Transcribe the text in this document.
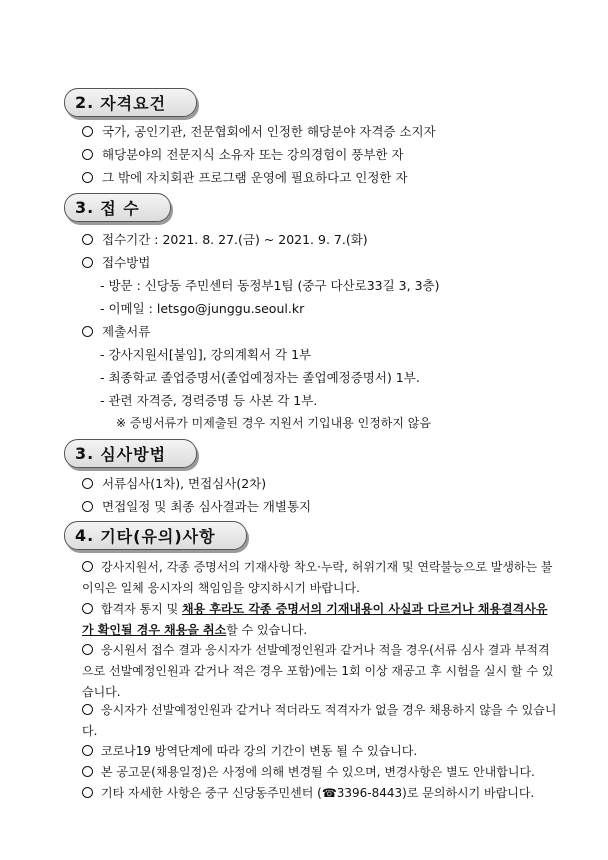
2. 자격요건
국가, 공인기관, 전문협회에서 인정한 해당분야 자격증 소지자
해당분야의 전문지식 소유자 또는 강의경험이 풍부한 자
그 밖에 자치회관 프로그램 운영에 필요하다고 인정한 자
3. 접 수
접수기간 : 2021. 8. 27.(금) ~ 2021. 9. 7.(화)
접수방법
- 방문 : 신당동 주민센터 동정부1팀 (중구 다산로33길 3, 3층)
- 이메일 : letsgo@junggu.seoul.kr
제출서류
- 강사지원서[붙임], 강의계획서 각 1부
- 최종학교 졸업증명서(졸업예정자는 졸업예정증명서) 1부.
- 관련 자격증, 경력증명 등 사본 각 1부.
※ 증빙서류가 미제출된 경우 지원서 기입내용 인정하지 않음
3. 심사방법
서류심사(1차), 면접심사(2차)
면접일정 및 최종 심사결과는 개별통지
4. 기타(유의)사항
강사지원서, 각종 증명서의 기재사항 착오·누락, 허위기재 및 연락불능으로 발생하는 불이익은 일체 응시자의 책임임을 양지하시기 바랍니다.
합격자 통지 및 채용 후라도 각종 증명서의 기재내용이 사실과 다르거나 채용결격사유가 확인될 경우 채용을 취소할 수 있습니다.
응시원서 접수 결과 응시자가 선발예정인원과 같거나 적을 경우(서류 심사 결과 부적격으로 선발예정인원과 같거나 적은 경우 포함)에는 1회 이상 재공고 후 시험을 실시 할 수 있습니다.
응시자가 선발예정인원과 같거나 적더라도 적격자가 없을 경우 채용하지 않을 수 있습니다.
코로나19 방역단계에 따라 강의 기간이 변동 될 수 있습니다.
본 공고문(채용일정)은 사정에 의해 변경될 수 있으며, 변경사항은 별도 안내합니다.
기타 자세한 사항은 중구 신당동주민센터 (☎3396-8443)로 문의하시기 바랍니다.
